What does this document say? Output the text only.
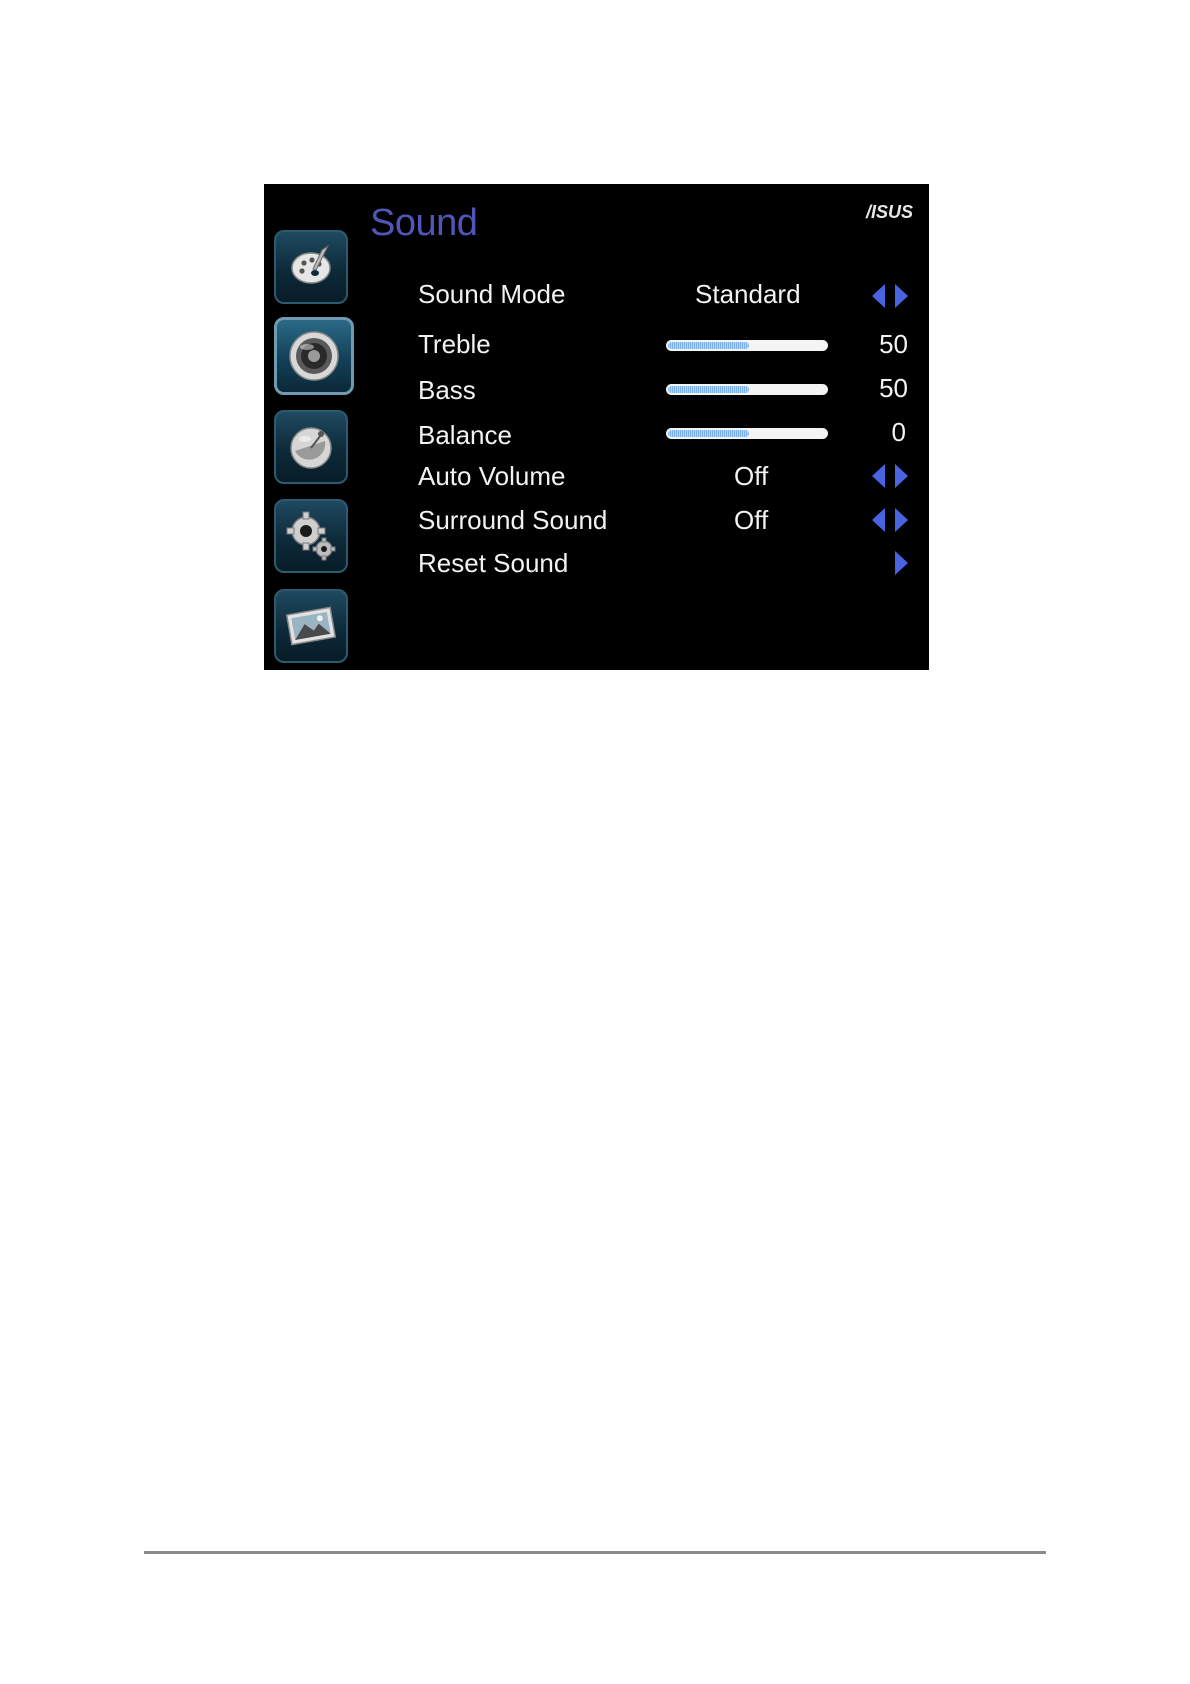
Sound	/ISUS
Sound Mode	Standard
Treble	50
Bass	50
Balance	0
Auto Volume	Off
Surround Sound	Off
Reset Sound
